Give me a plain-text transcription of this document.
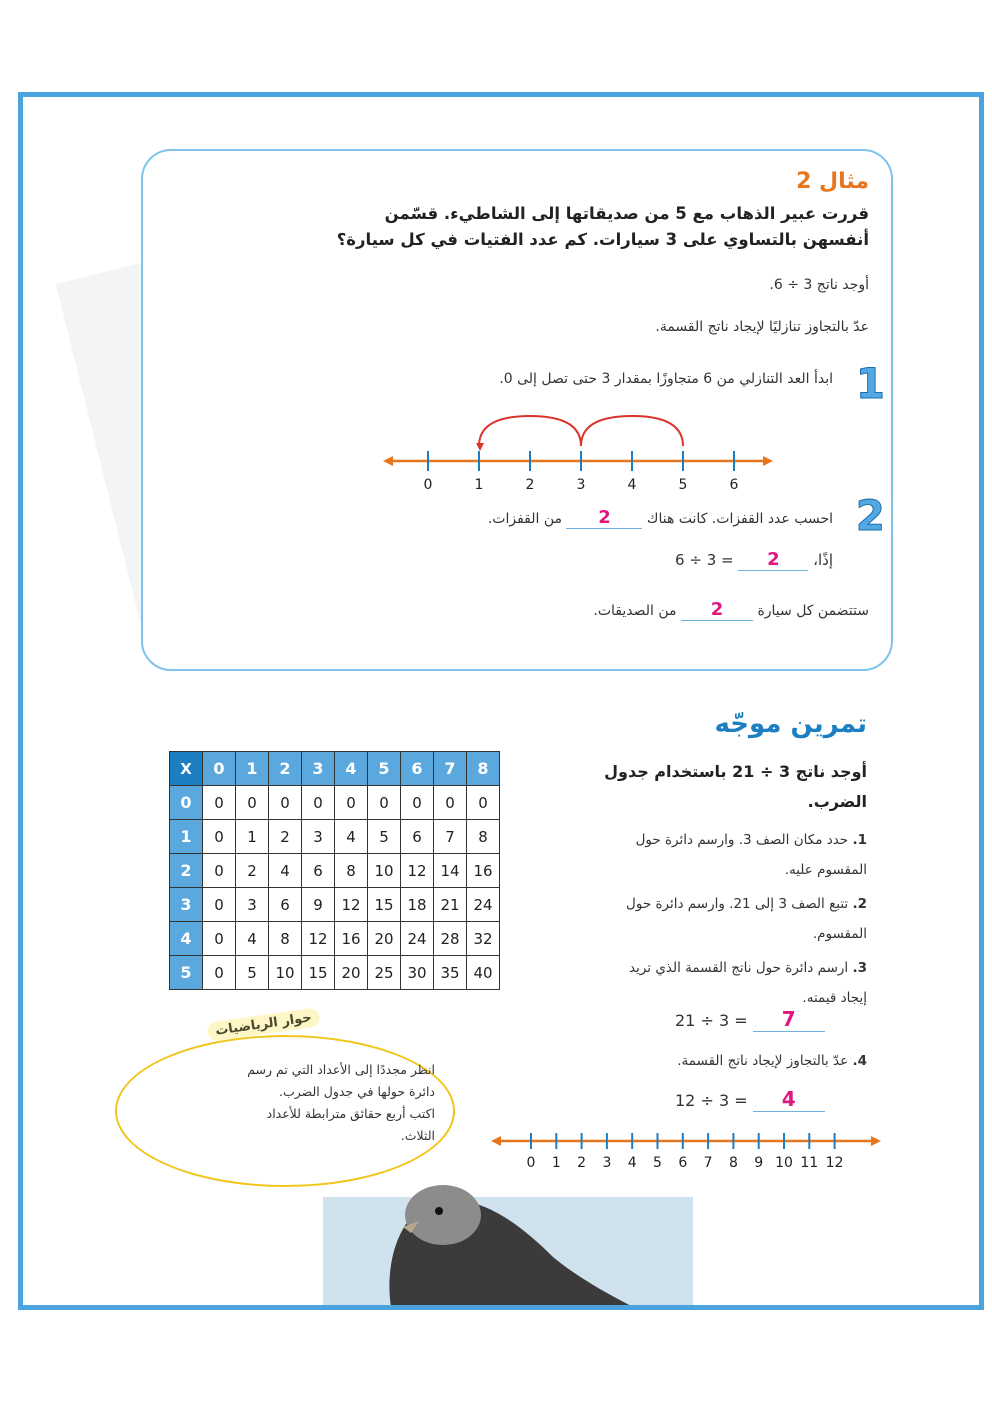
مثال 2
قررت عبير الذهاب مع 5 من صديقاتها إلى الشاطيء. قسّمن
أنفسهن بالتساوي على 3 سيارات. كم عدد الفتيات في كل سيارة؟
أوجد ناتج 3 ÷ 6.
عدّ بالتجاوز تنازليًا لإيجاد ناتج القسمة.
1
ابدأ العد التنازلي من 6 متجاوزًا بمقدار 3 حتى تصل إلى 0.
0	1	2	3	4	5	6
2
احسب عدد القفزات. كانت هناك 2 من القفزات.
إذًا، 2 6 ÷ 3 =
ستتضمن كل سيارة 2 من الصديقات.
تمرين موجّه
أوجد ناتج 3 ÷ 21 باستخدام جدول
الضرب.
1. حدد مكان الصف 3. وارسم دائرة حول
المقسوم عليه.
2. تتبع الصف 3 إلى 21. وارسم دائرة حول
المقسوم.
3. ارسم دائرة حول ناتج القسمة الذي تريد
إيجاد قيمته.
21 ÷ 3 = 7
4. عدّ بالتجاوز لإيجاد ناتج القسمة.
12 ÷ 3 = 4
0 1 2 3 4 5 6 7 8 9 10 11 12
X	0	1	2	3	4	5	6	7	8
0	0	0	0	0	0	0	0	0	0
1	0	1	2	3	4	5	6	7	8
2	0	2	4	6	8	10	12	14	16
3	0	3	6	9	12	15	18	21	24
4	0	4	8	12	16	20	24	28	32
5	0	5	10	15	20	25	30	35	40
حوار الرياضيات
انظر مجددًا إلى الأعداد التي تم رسم
دائرة حولها في جدول الضرب.
اكتب أربع حقائق مترابطة للأعداد
الثلاث.
